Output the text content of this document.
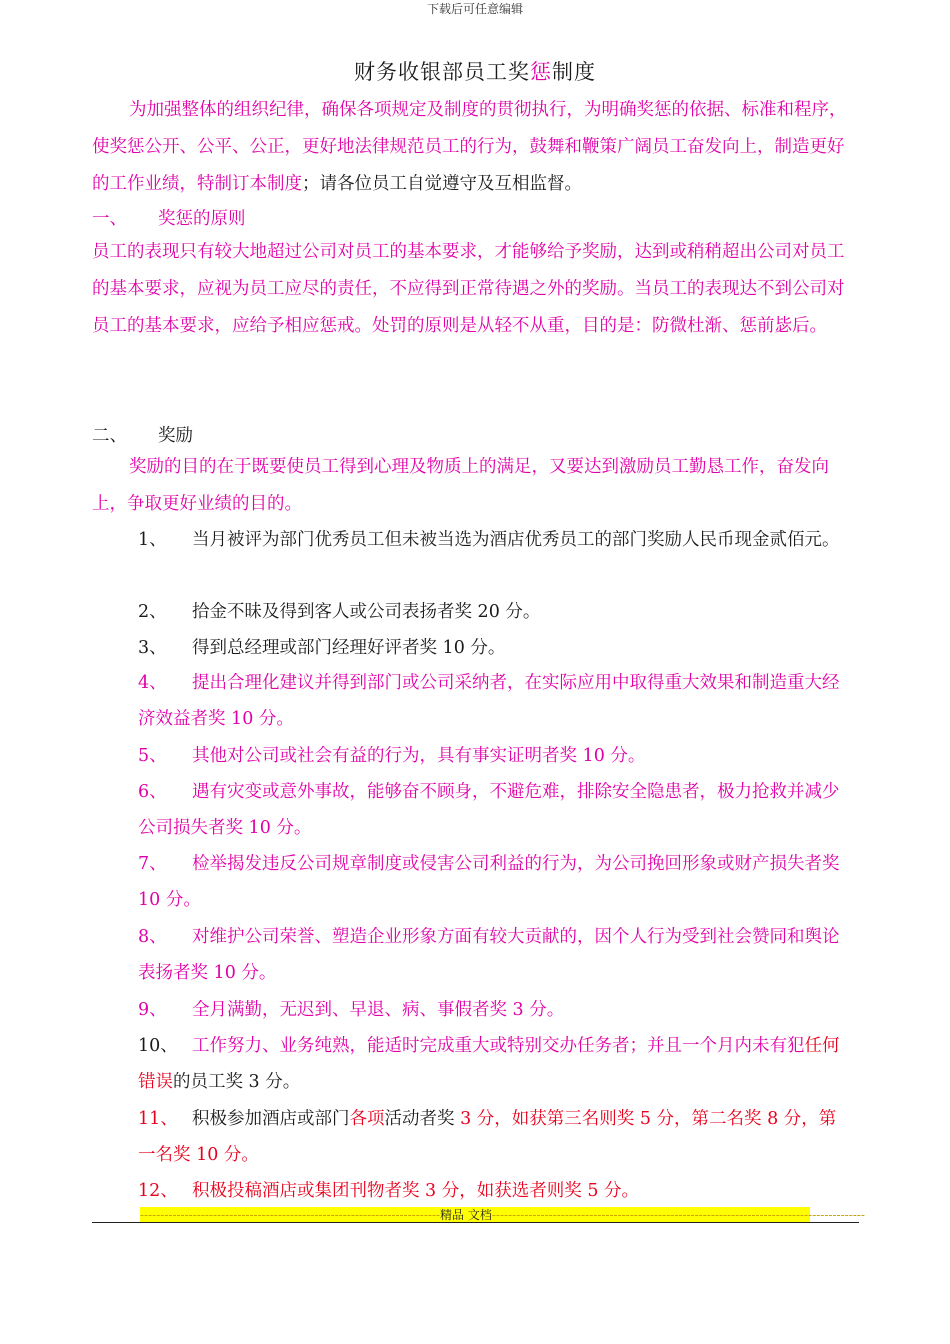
下载后可任意编辑
财务收银部员工奖惩制度
为加强整体的组织纪律，确保各项规定及制度的贯彻执行，为明确奖惩的依据、标准和程序，使奖惩公开、公平、公正，更好地法律规范员工的行为，鼓舞和鞭策广阔员工奋发向上，制造更好的工作业绩，特制订本制度；请各位员工自觉遵守及互相监督。
一、 奖惩的原则
员工的表现只有较大地超过公司对员工的基本要求，才能够给予奖励，达到或稍稍超出公司对员工的基本要求，应视为员工应尽的责任，不应得到正常待遇之外的奖励。当员工的表现达不到公司对员工的基本要求，应给予相应惩戒。处罚的原则是从轻不从重，目的是：防微杜渐、惩前毖后。
二、 奖励
奖励的目的在于既要使员工得到心理及物质上的满足，又要达到激励员工勤恳工作，奋发向上，争取更好业绩的目的。
1、 当月被评为部门优秀员工但未被当选为酒店优秀员工的部门奖励人民币现金贰佰元。
2、 拾金不昧及得到客人或公司表扬者奖 20 分。
3、 得到总经理或部门经理好评者奖 10 分。
4、 提出合理化建议并得到部门或公司采纳者，在实际应用中取得重大效果和制造重大经济效益者奖 10 分。
5、 其他对公司或社会有益的行为，具有事实证明者奖 10 分。
6、 遇有灾变或意外事故，能够奋不顾身，不避危难，排除安全隐患者，极力抢救并减少公司损失者奖 10 分。
7、 检举揭发违反公司规章制度或侵害公司利益的行为，为公司挽回形象或财产损失者奖 10 分。
8、 对维护公司荣誉、塑造企业形象方面有较大贡献的，因个人行为受到社会赞同和舆论表扬者奖 10 分。
9、 全月满勤，无迟到、早退、病、事假者奖 3 分。
10、 工作努力、业务纯熟，能适时完成重大或特别交办任务者；并且一个月内未有犯任何错误的员工奖 3 分。
11、 积极参加酒店或部门各项活动者奖 3 分，如获第三名则奖 5 分，第二名奖 8 分，第一名奖 10 分。
12、 积极投稿酒店或集团刊物者奖 3 分，如获选者则奖 5 分。
--------------------------------------------------------------------------精品 文档--------------------------------------------------------------------------------------------
